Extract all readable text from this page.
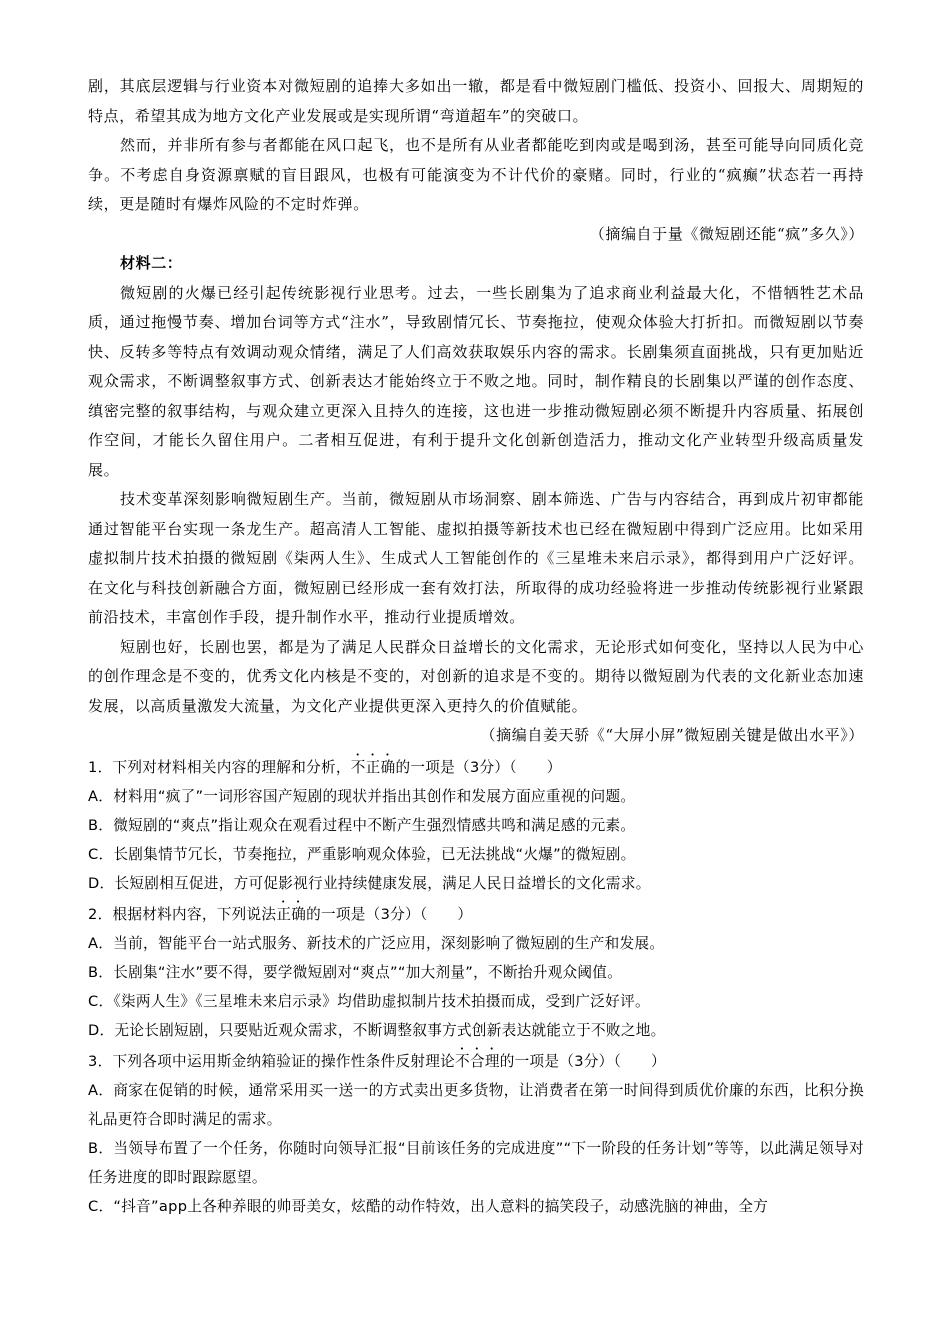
剧，其底层逻辑与行业资本对微短剧的追捧大多如出一辙，都是看中微短剧门槛低、投资小、回报大、周期短的特点，希望其成为地方文化产业发展或是实现所谓“弯道超车”的突破口。

然而，并非所有参与者都能在风口起飞，也不是所有从业者都能吃到肉或是喝到汤，甚至可能导向同质化竞争。不考虑自身资源禀赋的盲目跟风，也极有可能演变为不计代价的豪赌。同时，行业的“疯癫”状态若一再持续，更是随时有爆炸风险的不定时炸弹。

（摘编自于量《微短剧还能“疯”多久》）

材料二：

微短剧的火爆已经引起传统影视行业思考。过去，一些长剧集为了追求商业利益最大化，不惜牺牲艺术品质，通过拖慢节奏、增加台词等方式“注水”，导致剧情冗长、节奏拖拉，使观众体验大打折扣。而微短剧以节奏快、反转多等特点有效调动观众情绪，满足了人们高效获取娱乐内容的需求。长剧集须直面挑战，只有更加贴近观众需求，不断调整叙事方式、创新表达才能始终立于不败之地。同时，制作精良的长剧集以严谨的创作态度、缜密完整的叙事结构，与观众建立更深入且持久的连接，这也进一步推动微短剧必须不断提升内容质量、拓展创作空间，才能长久留住用户。二者相互促进，有利于提升文化创新创造活力，推动文化产业转型升级高质量发展。

技术变革深刻影响微短剧生产。当前，微短剧从市场洞察、剧本筛选、广告与内容结合，再到成片初审都能通过智能平台实现一条龙生产。超高清人工智能、虚拟拍摄等新技术也已经在微短剧中得到广泛应用。比如采用虚拟制片技术拍摄的微短剧《柒两人生》、生成式人工智能创作的《三星堆未来启示录》，都得到用户广泛好评。在文化与科技创新融合方面，微短剧已经形成一套有效打法，所取得的成功经验将进一步推动传统影视行业紧跟前沿技术，丰富创作手段，提升制作水平，推动行业提质增效。

短剧也好，长剧也罢，都是为了满足人民群众日益增长的文化需求，无论形式如何变化，坚持以人民为中心的创作理念是不变的，优秀文化内核是不变的，对创新的追求是不变的。期待以微短剧为代表的文化新业态加速发展，以高质量激发大流量，为文化产业提供更深入更持久的价值赋能。

（摘编自姜天骄《“大屏小屏”微短剧关键是做出水平》）

1．下列对材料相关内容的理解和分析，不正确的一项是（3分）（　　）

A．材料用“疯了”一词形容国产短剧的现状并指出其创作和发展方面应重视的问题。

B．微短剧的“爽点”指让观众在观看过程中不断产生强烈情感共鸣和满足感的元素。

C．长剧集情节冗长，节奏拖拉，严重影响观众体验，已无法挑战“火爆”的微短剧。

D．长短剧相互促进，方可促影视行业持续健康发展，满足人民日益增长的文化需求。

2．根据材料内容，下列说法正确的一项是（3分）（　　）

A．当前，智能平台一站式服务、新技术的广泛应用，深刻影响了微短剧的生产和发展。

B．长剧集“注水”要不得，要学微短剧对“爽点”“加大剂量”，不断抬升观众阈值。

C．《柒两人生》《三星堆未来启示录》均借助虚拟制片技术拍摄而成，受到广泛好评。

D．无论长剧短剧，只要贴近观众需求，不断调整叙事方式创新表达就能立于不败之地。

3．下列各项中运用斯金纳箱验证的操作性条件反射理论不合理的一项是（3分）（　　）

A．商家在促销的时候，通常采用买一送一的方式卖出更多货物，让消费者在第一时间得到质优价廉的东西，比积分换礼品更符合即时满足的需求。

B．当领导布置了一个任务，你随时向领导汇报“目前该任务的完成进度”“下一阶段的任务计划”等等，以此满足领导对任务进度的即时跟踪愿望。

C．“抖音”app上各种养眼的帅哥美女，炫酷的动作特效，出人意料的搞笑段子，动感洗脑的神曲，全方
